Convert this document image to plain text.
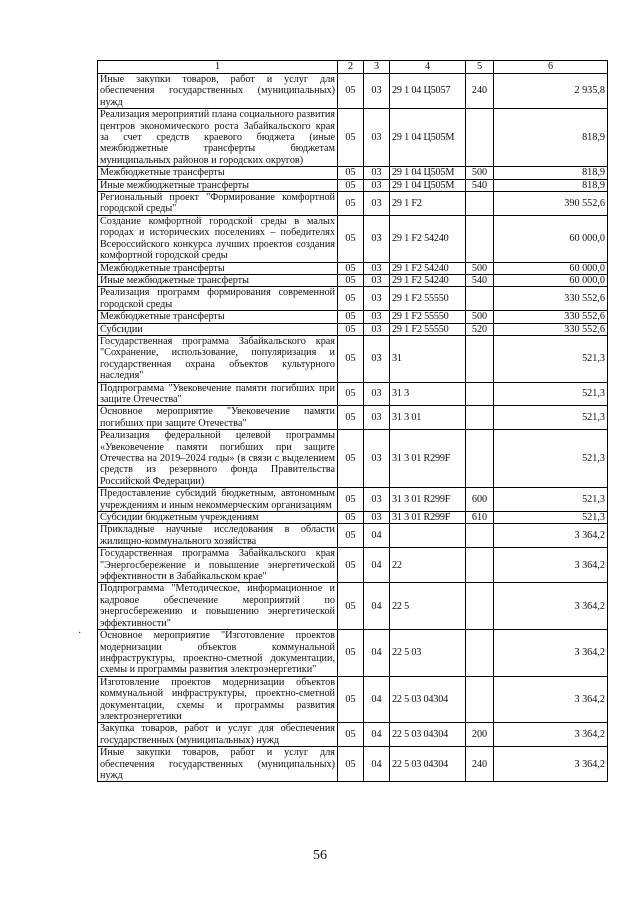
1	2	3	4	5	6
Иные закупки товаров, работ и услуг для обеспечения государственных (муниципальных) нужд	05	03	29 1 04 Ц5057	240	2 935,8
Реализация мероприятий плана социального развития центров экономического роста Забайкальского края за счет средств краевого бюджета (иные межбюджетные трансферты бюджетам муниципальных районов и городских округов)	05	03	29 1 04 Ц505М		818,9
Межбюджетные трансферты	05	03	29 1 04 Ц505М	500	818,9
Иные межбюджетные трансферты	05	03	29 1 04 Ц505М	540	818,9
Региональный проект "Формирование комфортной городской среды"	05	03	29 1 F2		390 552,6
Создание комфортной городской среды в малых городах и исторических поселениях – победителях Всероссийского конкурса лучших проектов создания комфортной городской среды	05	03	29 1 F2 54240		60 000,0
Межбюджетные трансферты	05	03	29 1 F2 54240	500	60 000,0
Иные межбюджетные трансферты	05	03	29 1 F2 54240	540	60 000,0
Реализация программ формирования современной городской среды	05	03	29 1 F2 55550		330 552,6
Межбюджетные трансферты	05	03	29 1 F2 55550	500	330 552,6
Субсидии	05	03	29 1 F2 55550	520	330 552,6
Государственная программа Забайкальского края "Сохранение, использование, популяризация и государственная охрана объектов культурного наследия"	05	03	31		521,3
Подпрограмма "Увековечение памяти погибших при защите Отечества"	05	03	31 3		521,3
Основное мероприятие "Увековечение памяти погибших при защите Отечества"	05	03	31 3 01		521,3
Реализация федеральной целевой программы «Увековечение памяти погибших при защите Отечества на 2019–2024 годы» (в связи с выделением средств из резервного фонда Правительства Российской Федерации)	05	03	31 3 01 R299F		521,3
Предоставление субсидий бюджетным, автономным учреждениям и иным некоммерческим организациям	05	03	31 3 01 R299F	600	521,3
Субсидии бюджетным учреждениям	05	03	31 3 01 R299F	610	521,3
Прикладные научные исследования в области жилищно-коммунального хозяйства	05	04			3 364,2
Государственная программа Забайкальского края "Энергосбережение и повышение энергетической эффективности в Забайкальском крае"	05	04	22		3 364,2
Подпрограмма "Методическое, информационное и кадровое обеспечение мероприятий по энергосбережению и повышению энергетической эффективности"	05	04	22 5		3 364,2
Основное мероприятие "Изготовление проектов модернизации объектов коммунальной инфраструктуры, проектно-сметной документации, схемы и программы развития электроэнергетики"	05	04	22 5 03		3 364,2
Изготовление проектов модернизации объектов коммунальной инфраструктуры, проектно-сметной документации, схемы и программы развития электроэнергетики	05	04	22 5 03 04304		3 364,2
Закупка товаров, работ и услуг для обеспечения государственных (муниципальных) нужд	05	04	22 5 03 04304	200	3 364,2
Иные закупки товаров, работ и услуг для обеспечения государственных (муниципальных) нужд	05	04	22 5 03 04304	240	3 364,2
·
56
